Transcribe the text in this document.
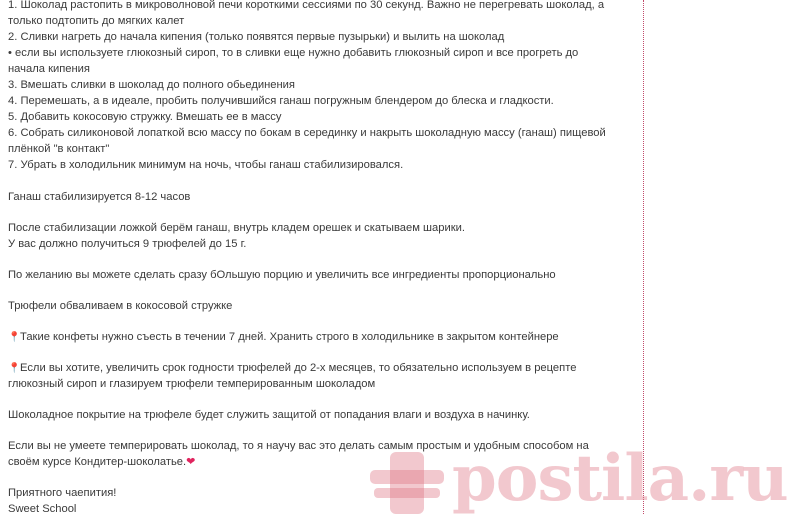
1. Шоколад растопить в микроволновой печи короткими сессиями по 30 секунд. Важно не перегревать шоколад, а
только подтопить до мягких калет
2. Сливки нагреть до начала кипения (только появятся первые пузырьки) и вылить на шоколад
• если вы используете глюкозный сироп, то в сливки еще нужно добавить глюкозный сироп и все прогреть до
начала кипения
3. Вмешать сливки в шоколад до полного обьединения
4. Перемешать, а в идеале, пробить получившийся ганаш погружным блендером до блеска и гладкости.
5. Добавить кокосовую стружку. Вмешать ее в массу
6. Собрать силиконовой лопаткой всю массу по бокам в серединку и накрыть шоколадную массу (ганаш) пищевой
плёнкой "в контакт"
7. Убрать в холодильник минимум на ночь, чтобы ганаш стабилизировался.
Ганаш стабилизируется 8-12 часов
После стабилизации ложкой берём ганаш, внутрь кладем орешек и скатываем шарики.
У вас должно получиться 9 трюфелей до 15 г.
По желанию вы можете сделать сразу бОльшую порцию и увеличить все ингредиенты пропорционально
Трюфели обваливаем в кокосовой стружке
📍Такие конфеты нужно съесть в течении 7 дней. Хранить строго в холодильнике в закрытом контейнере
📍Если вы хотите, увеличить срок годности трюфелей до 2-х месяцев, то обязательно используем в рецепте
глюкозный сироп и глазируем трюфели темперированным шоколадом
Шоколадное покрытие на трюфеле будет служить защитой от попадания влаги и воздуха в начинку.
Если вы не умеете темперировать шоколад, то я научу вас это делать самым простым и удобным способом на
своём курсе Кондитер-шоколатье.❤
Приятного чаепития!
Sweet School	postila.ru
